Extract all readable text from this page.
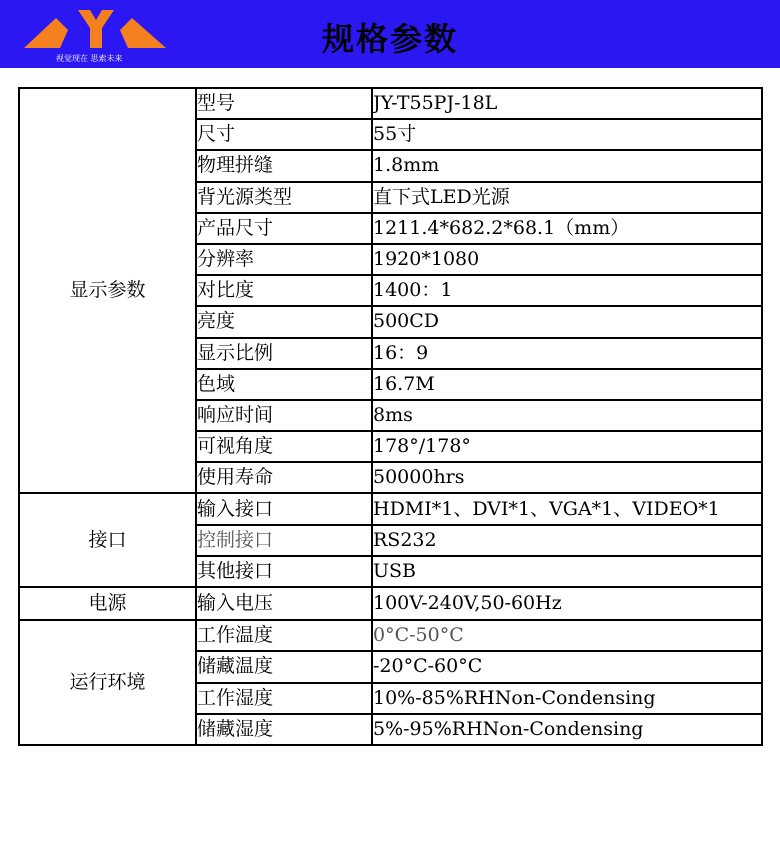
视觉现在 思索未来
规格参数
显示参数	型号	JY-T55PJ-18L
	尺寸	55寸
	物理拼缝	1.8mm
	背光源类型	直下式LED光源
	产品尺寸	1211.4*682.2*68.1（mm）
	分辨率	1920*1080
	对比度	1400：1
	亮度	500CD
	显示比例	16：9
	色域	16.7M
	响应时间	8ms
	可视角度	178°/178°
	使用寿命	50000hrs
接口	输入接口	HDMI*1、DVI*1、VGA*1、VIDEO*1
	控制接口	RS232
	其他接口	USB
电源	输入电压	100V-240V,50-60Hz
运行环境	工作温度	0°C-50°C
	储藏温度	-20°C-60°C
	工作湿度	10%-85%RHNon-Condensing
	储藏湿度	5%-95%RHNon-Condensing
